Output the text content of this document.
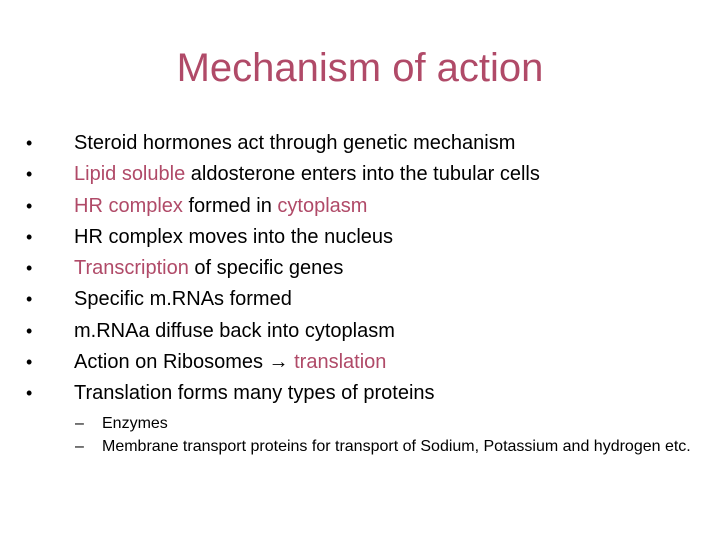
Mechanism of action
• Steroid hormones act through genetic mechanism
• Lipid soluble aldosterone enters into the tubular cells
• HR complex formed in cytoplasm
• HR complex moves into the nucleus
• Transcription of specific genes
• Specific m.RNAs formed
• m.RNAa diffuse back into cytoplasm
• Action on Ribosomes → translation
• Translation forms many types of proteins
– Enzymes
– Membrane transport proteins for transport of Sodium, Potassium and hydrogen etc.
